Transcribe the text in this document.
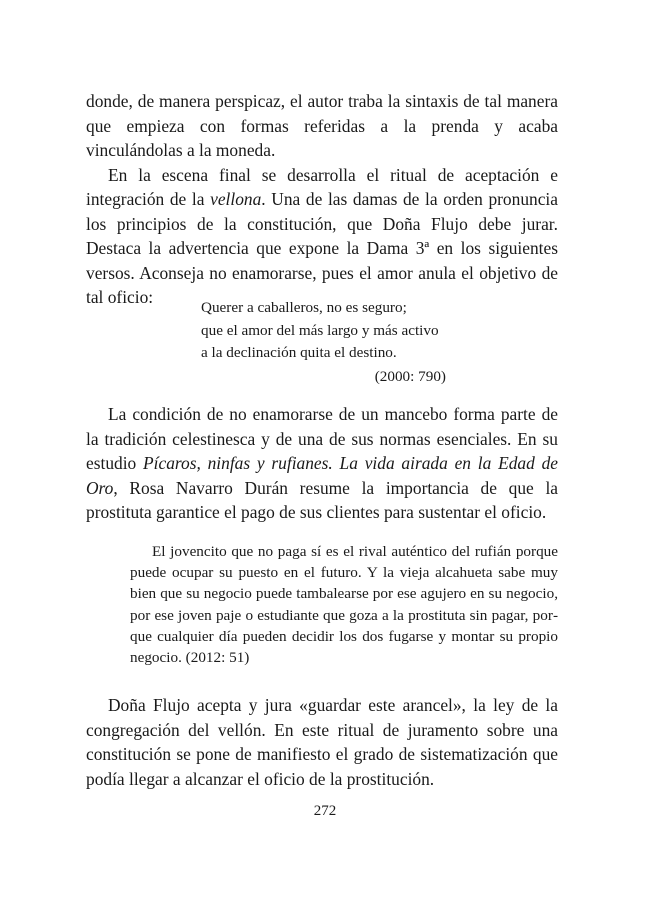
donde, de manera perspicaz, el autor traba la sintaxis de tal manera que empieza con formas referidas a la prenda y acaba vinculándolas a la moneda.

En la escena final se desarrolla el ritual de aceptación e integración de la vellona. Una de las damas de la orden pronuncia los principios de la constitución, que Doña Flujo debe jurar. Destaca la advertencia que expone la Dama 3ª en los siguientes versos. Aconseja no enamorarse, pues el amor anula el objetivo de tal oficio:

Querer a caballeros, no es seguro;
que el amor del más largo y más activo
a la declinación quita el destino.
(2000: 790)

La condición de no enamorarse de un mancebo forma parte de la tradición celestinesca y de una de sus normas esenciales. En su estudio Pícaros, ninfas y rufianes. La vida airada en la Edad de Oro, Rosa Navarro Durán resume la importancia de que la prostituta garantice el pago de sus clientes para sustentar el oficio.

El jovencito que no paga sí es el rival auténtico del rufián porque puede ocupar su puesto en el futuro. Y la vieja alcahueta sabe muy bien que su negocio puede tambalearse por ese agujero en su negocio, por ese joven paje o estudiante que goza a la prostituta sin pagar, porque cualquier día pueden decidir los dos fugarse y montar su propio negocio. (2012: 51)

Doña Flujo acepta y jura «guardar este arancel», la ley de la congregación del vellón. En este ritual de juramento sobre una constitución se pone de manifiesto el grado de sistematización que podía llegar a alcanzar el oficio de la prostitución.

272
